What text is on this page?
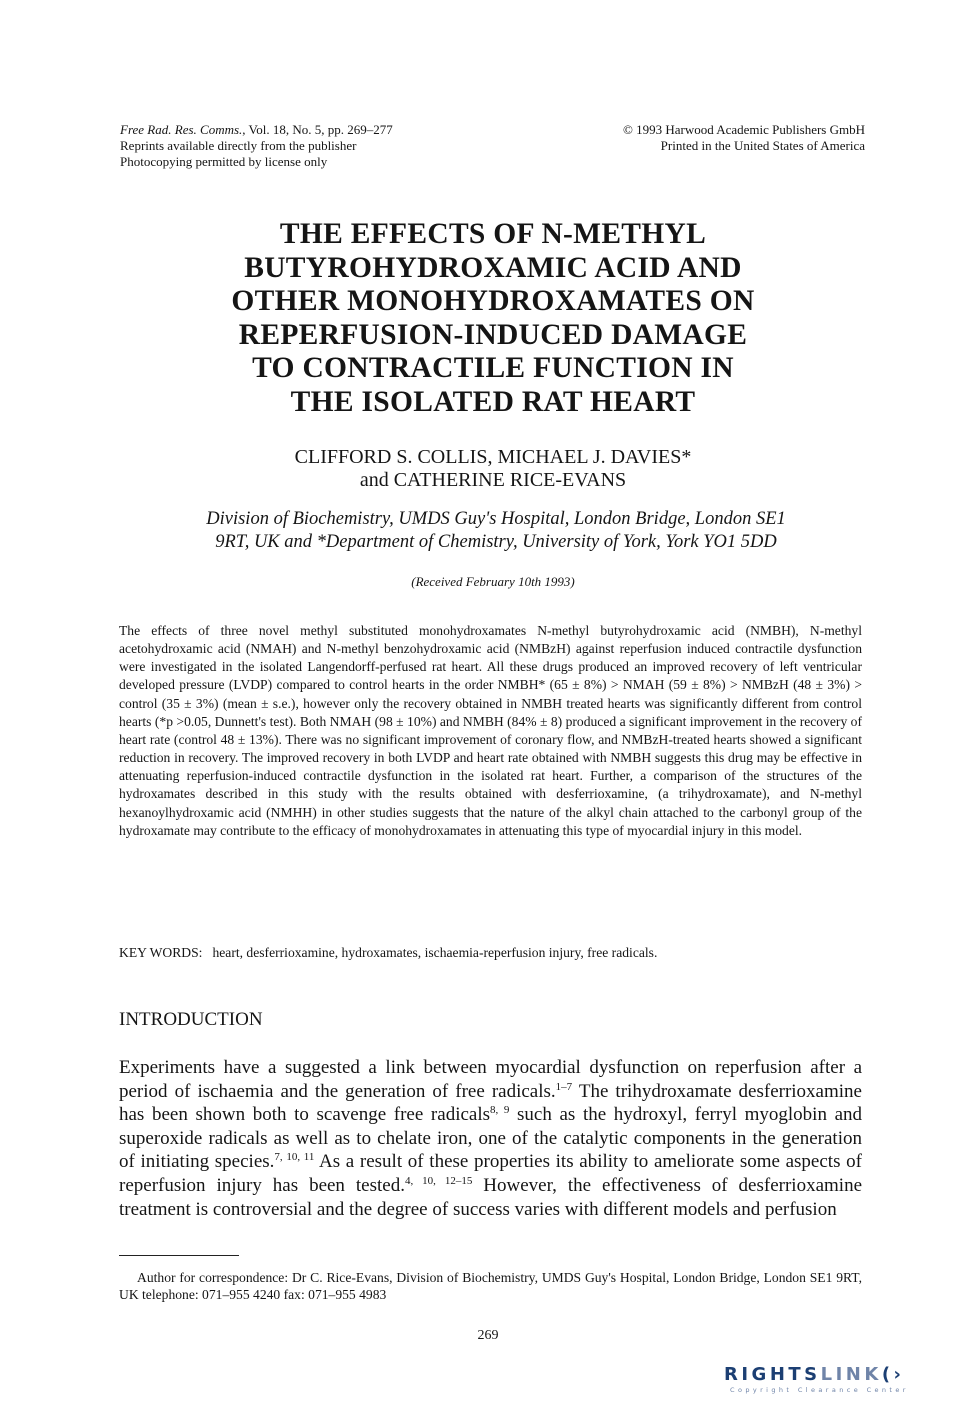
Free Rad. Res. Comms., Vol. 18, No. 5, pp. 269–277
Reprints available directly from the publisher
Photocopying permitted by license only
© 1993 Harwood Academic Publishers GmbH
Printed in the United States of America
THE EFFECTS OF N-METHYL
BUTYROHYDROXAMIC ACID AND
OTHER MONOHYDROXAMATES ON
REPERFUSION-INDUCED DAMAGE
TO CONTRACTILE FUNCTION IN
THE ISOLATED RAT HEART
CLIFFORD S. COLLIS, MICHAEL J. DAVIES*
and CATHERINE RICE-EVANS
Division of Biochemistry, UMDS Guy's Hospital, London Bridge, London SE1
9RT, UK and *Department of Chemistry, University of York, York YO1 5DD
(Received February 10th 1993)

The effects of three novel methyl substituted monohydroxamates N-methyl butyrohydroxamic acid (NMBH), N-methyl acetohydroxamic acid (NMAH) and N-methyl benzohydroxamic acid (NMBzH) against reperfusion induced contractile dysfunction were investigated in the isolated Langendorff-perfused rat heart. All these drugs produced an improved recovery of left ventricular developed pressure (LVDP) compared to control hearts in the order NMBH* (65 ± 8%) > NMAH (59 ± 8%) > NMBzH (48 ± 3%) > control (35 ± 3%) (mean ± s.e.), however only the recovery obtained in NMBH treated hearts was significantly different from control hearts (*p >0.05, Dunnett's test). Both NMAH (98 ± 10%) and NMBH (84% ± 8) produced a significant improvement in the recovery of heart rate (control 48 ± 13%). There was no significant improvement of coronary flow, and NMBzH-treated hearts showed a significant reduction in recovery. The improved recovery in both LVDP and heart rate obtained with NMBH suggests this drug may be effective in attenuating reperfusion-induced contractile dysfunction in the isolated rat heart. Further, a comparison of the structures of the hydroxamates described in this study with the results obtained with desferrioxamine, (a trihydroxamate), and N-methyl hexanoylhydroxamic acid (NMHH) in other studies suggests that the nature of the alkyl chain attached to the carbonyl group of the hydroxamate may contribute to the efficacy of monohydroxamates in attenuating this type of myocardial injury in this model.

KEY WORDS: heart, desferrioxamine, hydroxamates, ischaemia-reperfusion injury, free radicals.
INTRODUCTION

Experiments have a suggested a link between myocardial dysfunction on reperfusion after a period of ischaemia and the generation of free radicals.$^{1-7}$ The trihydroxamate desferrioxamine has been shown both to scavenge free radicals$^{8, 9}$ such as the hydroxyl, ferryl myoglobin and superoxide radicals as well as to chelate iron, one of the catalytic components in the generation of initiating species.$^{7, 10, 11}$ As a result of these properties its ability to ameliorate some aspects of reperfusion injury has been tested.$^{4, 10, 12-15}$ However, the effectiveness of desferrioxamine treatment is controversial and the degree of success varies with different models and perfusion

Author for correspondence: Dr C. Rice-Evans, Division of Biochemistry, UMDS Guy's Hospital, London Bridge, London SE1 9RT, UK telephone: 071–955 4240 fax: 071–955 4983

269
RIGHTSLINK(›
Copyright Clearance Center
